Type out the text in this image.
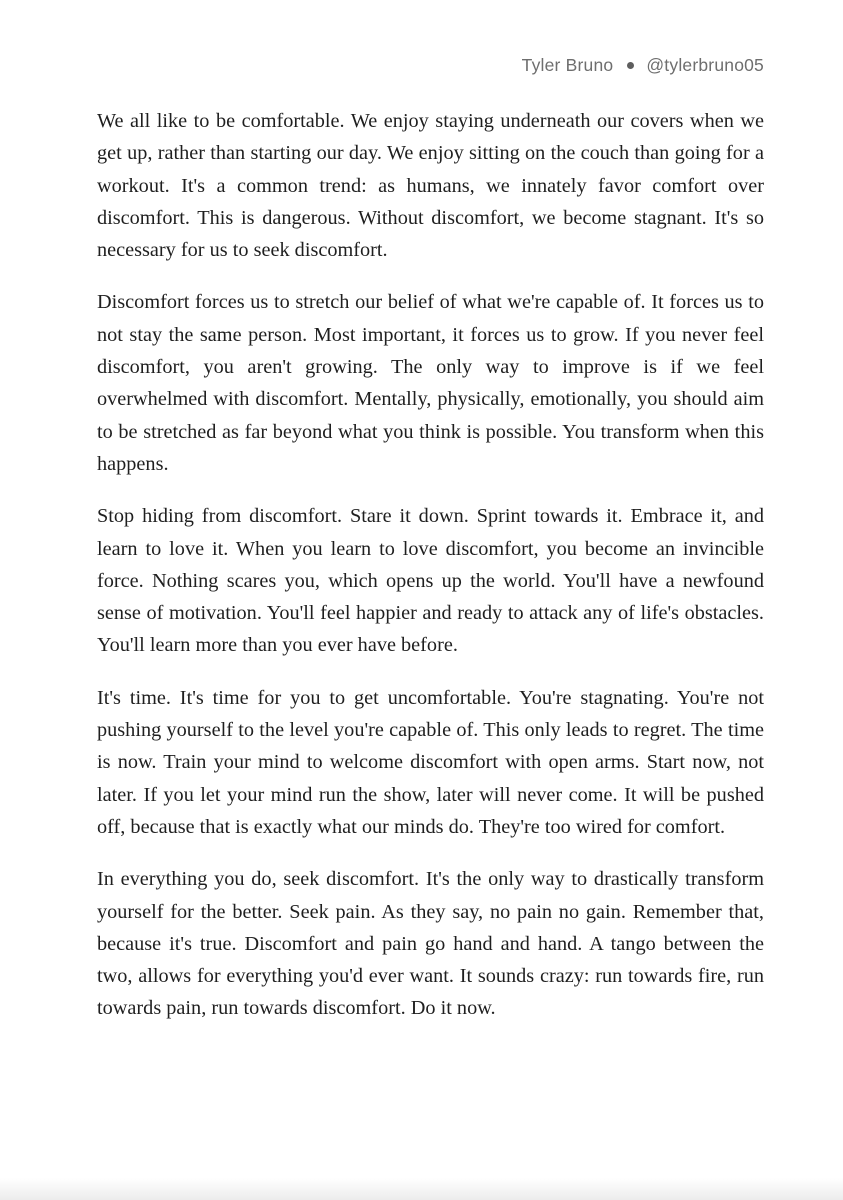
Tyler Bruno @tylerbruno05

We all like to be comfortable. We enjoy staying underneath our covers when we get up, rather than starting our day. We enjoy sitting on the couch than going for a workout. It's a common trend: as humans, we innately favor comfort over discomfort. This is dangerous. Without discomfort, we become stagnant. It's so necessary for us to seek discomfort.

Discomfort forces us to stretch our belief of what we're capable of. It forces us to not stay the same person. Most important, it forces us to grow. If you never feel discomfort, you aren't growing. The only way to improve is if we feel overwhelmed with discomfort. Mentally, physically, emotionally, you should aim to be stretched as far beyond what you think is possible. You transform when this happens.

Stop hiding from discomfort. Stare it down. Sprint towards it. Embrace it, and learn to love it. When you learn to love discomfort, you become an invincible force. Nothing scares you, which opens up the world. You'll have a newfound sense of motivation. You'll feel happier and ready to attack any of life's obstacles. You'll learn more than you ever have before.

It's time. It's time for you to get uncomfortable. You're stagnating. You're not pushing yourself to the level you're capable of. This only leads to regret. The time is now. Train your mind to welcome discomfort with open arms. Start now, not later. If you let your mind run the show, later will never come. It will be pushed off, because that is exactly what our minds do. They're too wired for comfort.

In everything you do, seek discomfort. It's the only way to drastically transform yourself for the better. Seek pain. As they say, no pain no gain. Remember that, because it's true. Discomfort and pain go hand and hand. A tango between the two, allows for everything you'd ever want. It sounds crazy: run towards fire, run towards pain, run towards discomfort. Do it now.
